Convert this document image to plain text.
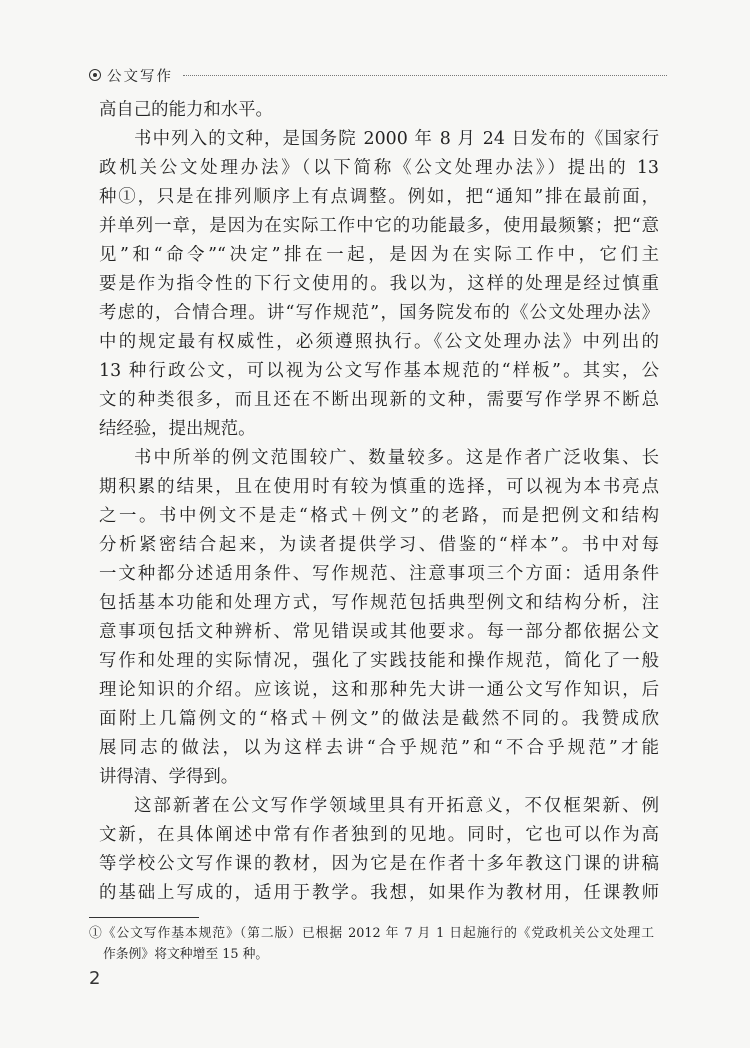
公文写作
高自己的能力和水平。
书中列入的文种，是国务院 2000 年 8 月 24 日发布的《国家行
政机关公文处理办法》（以下简称《公文处理办法》）提出的 13
种①，只是在排列顺序上有点调整。例如，把“通知”排在最前面，
并单列一章，是因为在实际工作中它的功能最多，使用最频繁；把“意
见”和“命令”“决定”排在一起，是因为在实际工作中，它们主
要是作为指令性的下行文使用的。我以为，这样的处理是经过慎重
考虑的，合情合理。讲“写作规范”，国务院发布的《公文处理办法》
中的规定最有权威性，必须遵照执行。《公文处理办法》中列出的
13 种行政公文，可以视为公文写作基本规范的“样板”。其实，公
文的种类很多，而且还在不断出现新的文种，需要写作学界不断总
结经验，提出规范。
书中所举的例文范围较广、数量较多。这是作者广泛收集、长
期积累的结果，且在使用时有较为慎重的选择，可以视为本书亮点
之一。书中例文不是走“格式＋例文”的老路，而是把例文和结构
分析紧密结合起来，为读者提供学习、借鉴的“样本”。书中对每
一文种都分述适用条件、写作规范、注意事项三个方面：适用条件
包括基本功能和处理方式，写作规范包括典型例文和结构分析，注
意事项包括文种辨析、常见错误或其他要求。每一部分都依据公文
写作和处理的实际情况，强化了实践技能和操作规范，简化了一般
理论知识的介绍。应该说，这和那种先大讲一通公文写作知识，后
面附上几篇例文的“格式＋例文”的做法是截然不同的。我赞成欣
展同志的做法，以为这样去讲“合乎规范”和“不合乎规范”才能
讲得清、学得到。
这部新著在公文写作学领域里具有开拓意义，不仅框架新、例
文新，在具体阐述中常有作者独到的见地。同时，它也可以作为高
等学校公文写作课的教材，因为它是在作者十多年教这门课的讲稿
的基础上写成的，适用于教学。我想，如果作为教材用，任课教师
①《公文写作基本规范》（第二版）已根据 2012 年 7 月 1 日起施行的《党政机关公文处理工
作条例》将文种增至 15 种。
2
